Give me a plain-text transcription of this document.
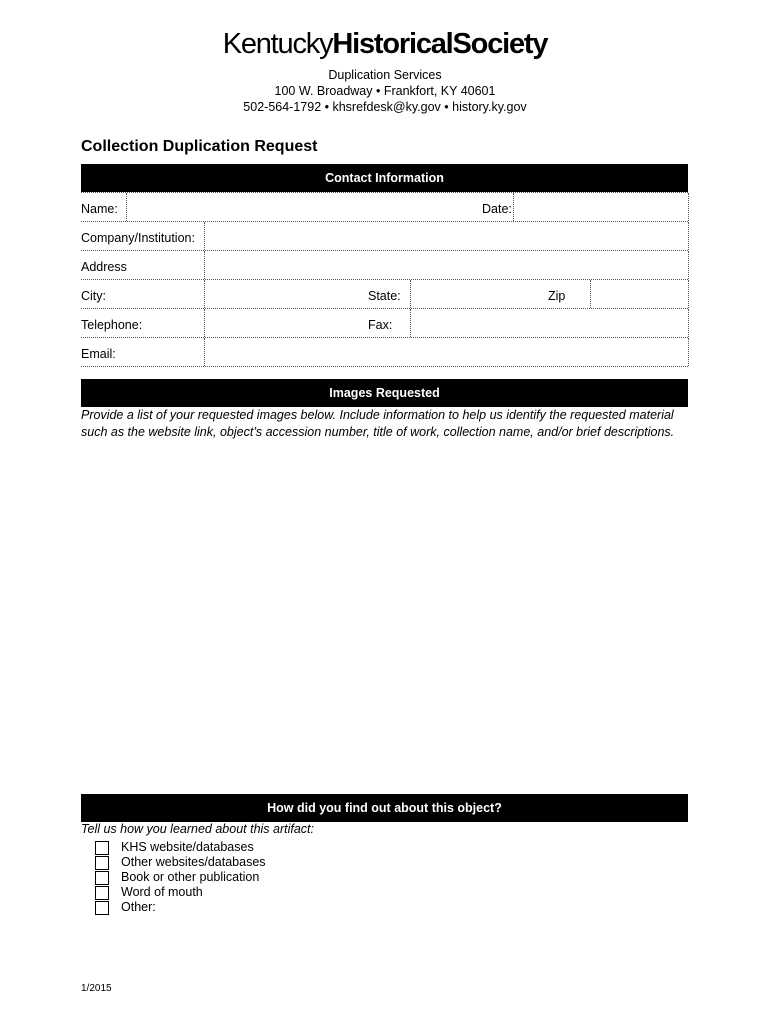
KentuckyHistoricalSociety
Duplication Services
100 W. Broadway • Frankfort, KY 40601
502-564-1792 • khsrefdesk@ky.gov • history.ky.gov
Collection Duplication Request
Contact Information
Name:	Date:
Company/Institution:
Address
City:	State:	Zip
Telephone:	Fax:
Email:
Images Requested
Provide a list of your requested images below. Include information to help us identify the requested material such as the website link, object’s accession number, title of work, collection name, and/or brief descriptions.
How did you find out about this object?
Tell us how you learned about this artifact:
KHS website/databases
Other websites/databases
Book or other publication
Word of mouth
Other:
1/2015
